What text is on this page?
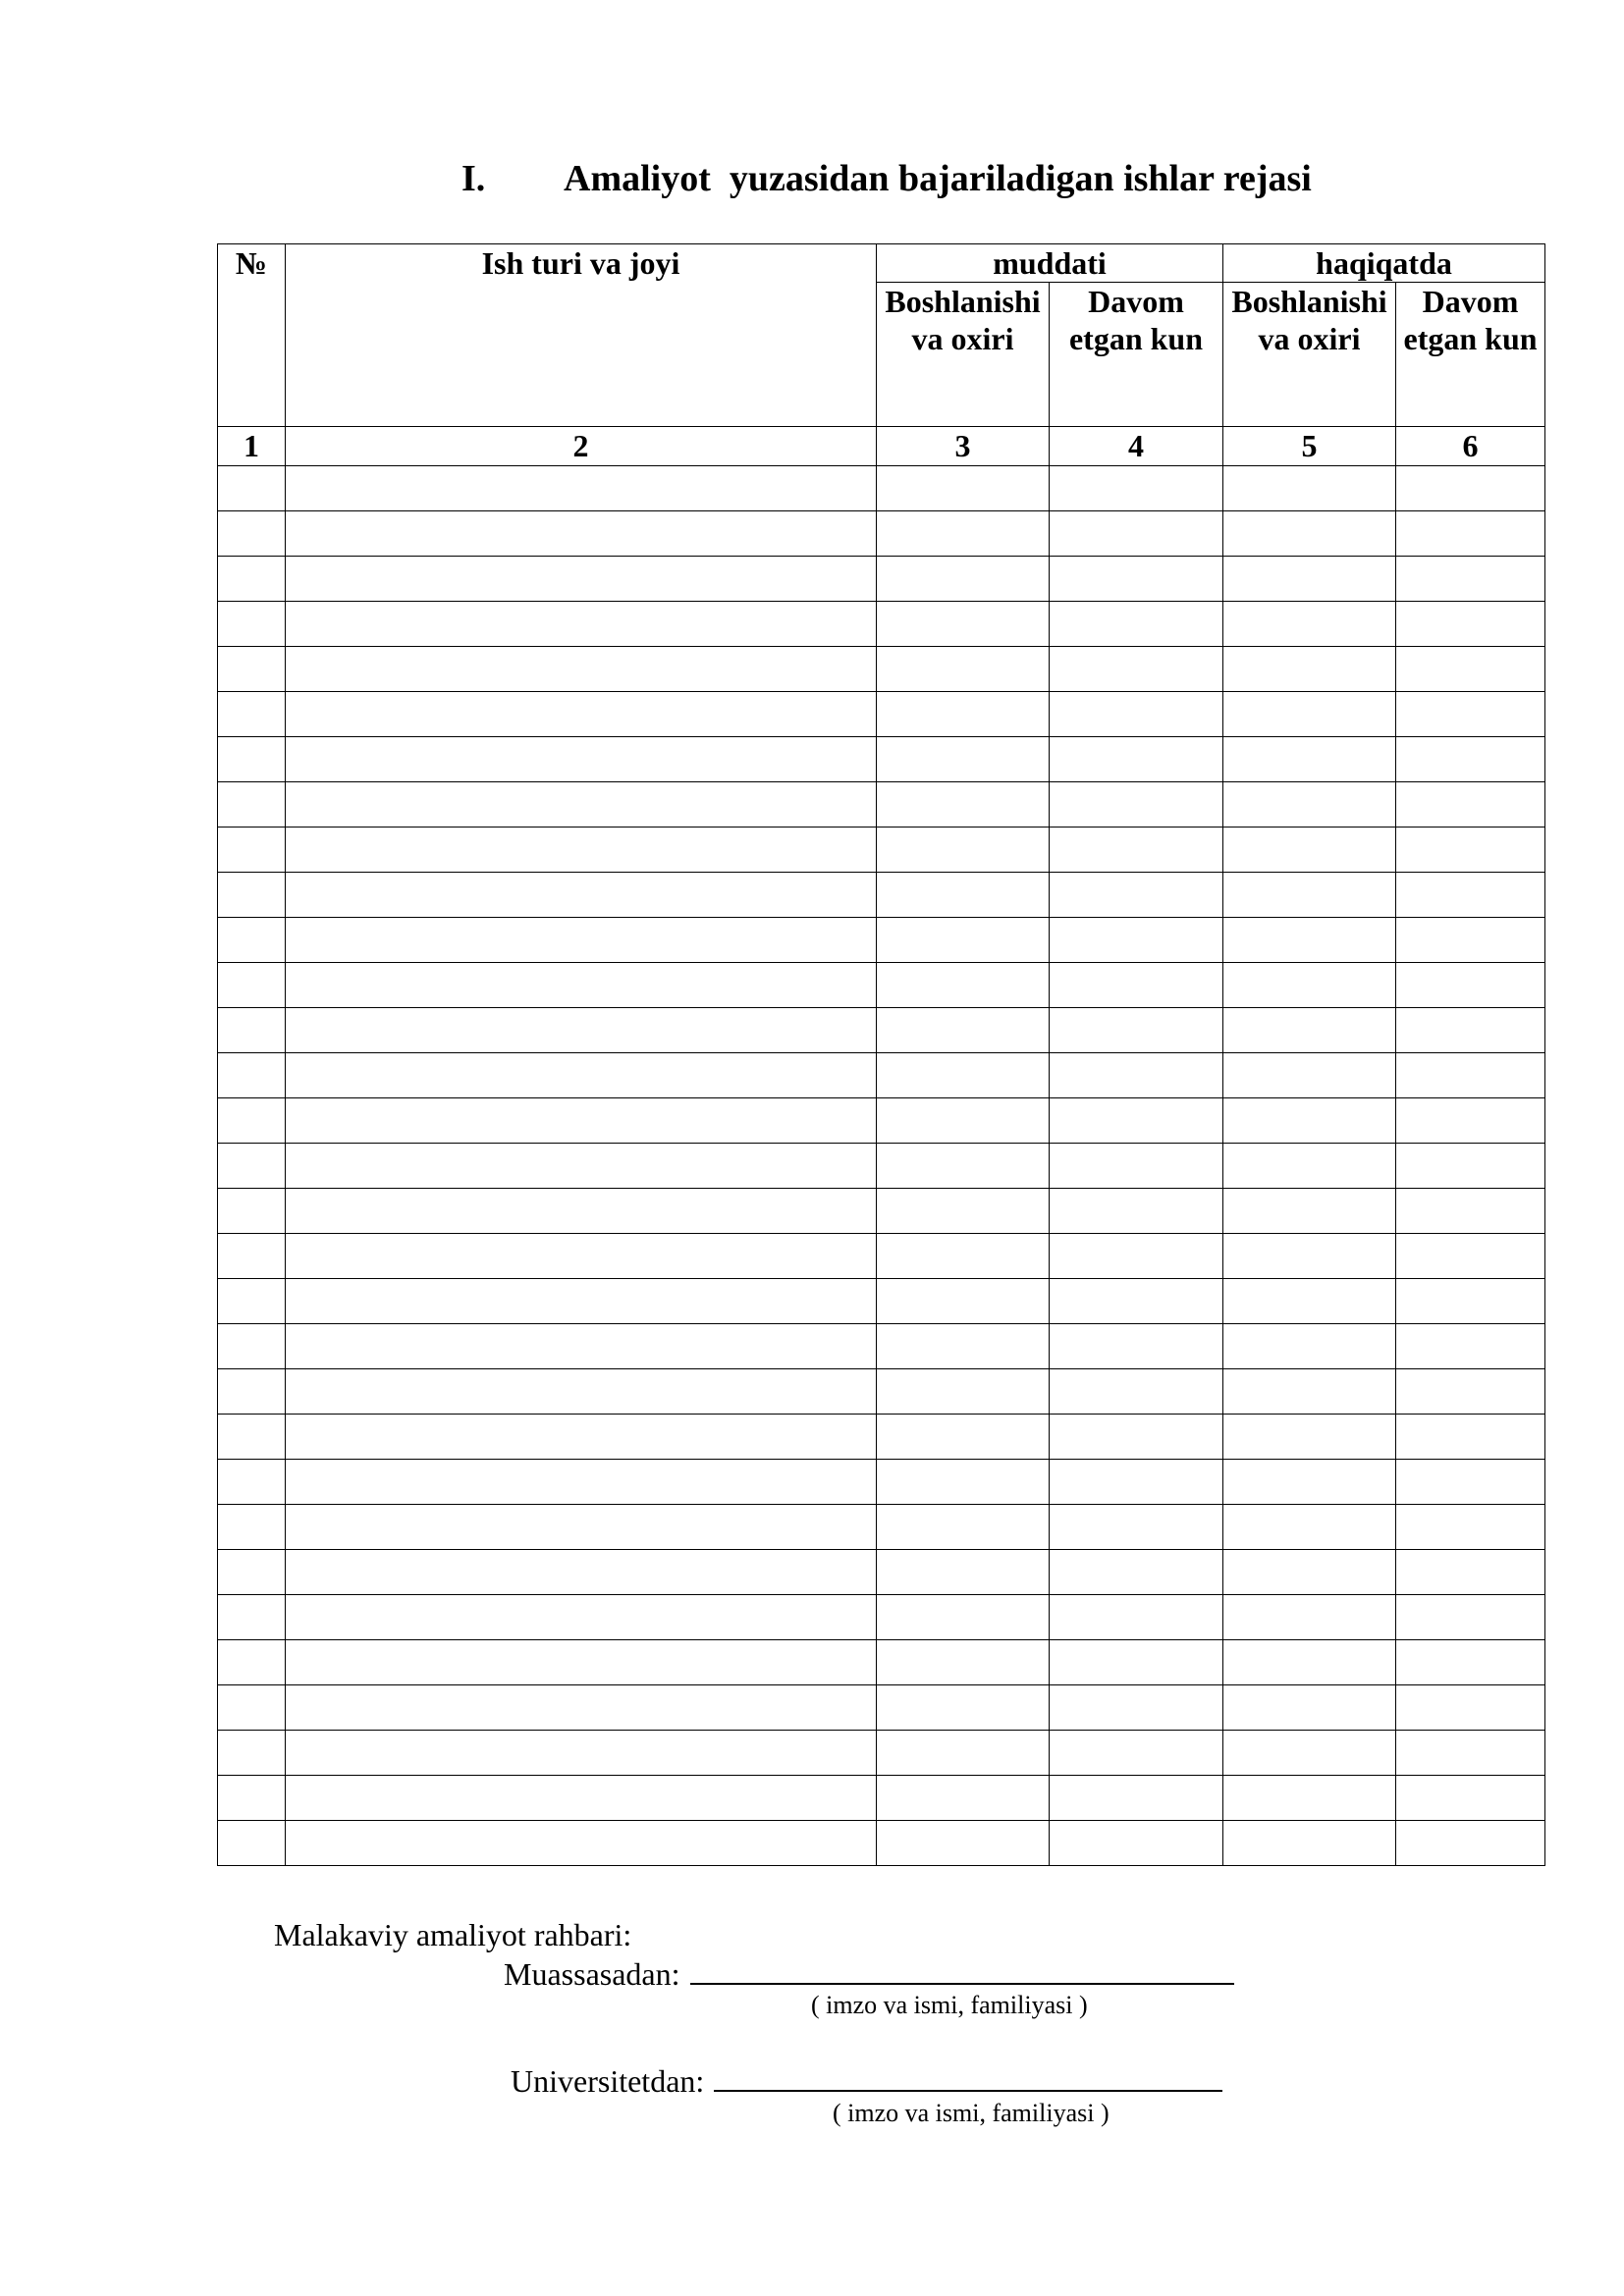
I. Amaliyot  yuzasidan bajariladigan ishlar rejasi
№	Ish turi va joyi	muddati		haqiqatda	
		Boshlanishi va oxiri	Davom etgan kun	Boshlanishi va oxiri	Davom etgan kun
1	2	3	4	5	6

Malakaviy amaliyot rahbari:
Muassasadan:
( imzo va ismi, familiyasi )
Universitetdan:
( imzo va ismi, familiyasi )
